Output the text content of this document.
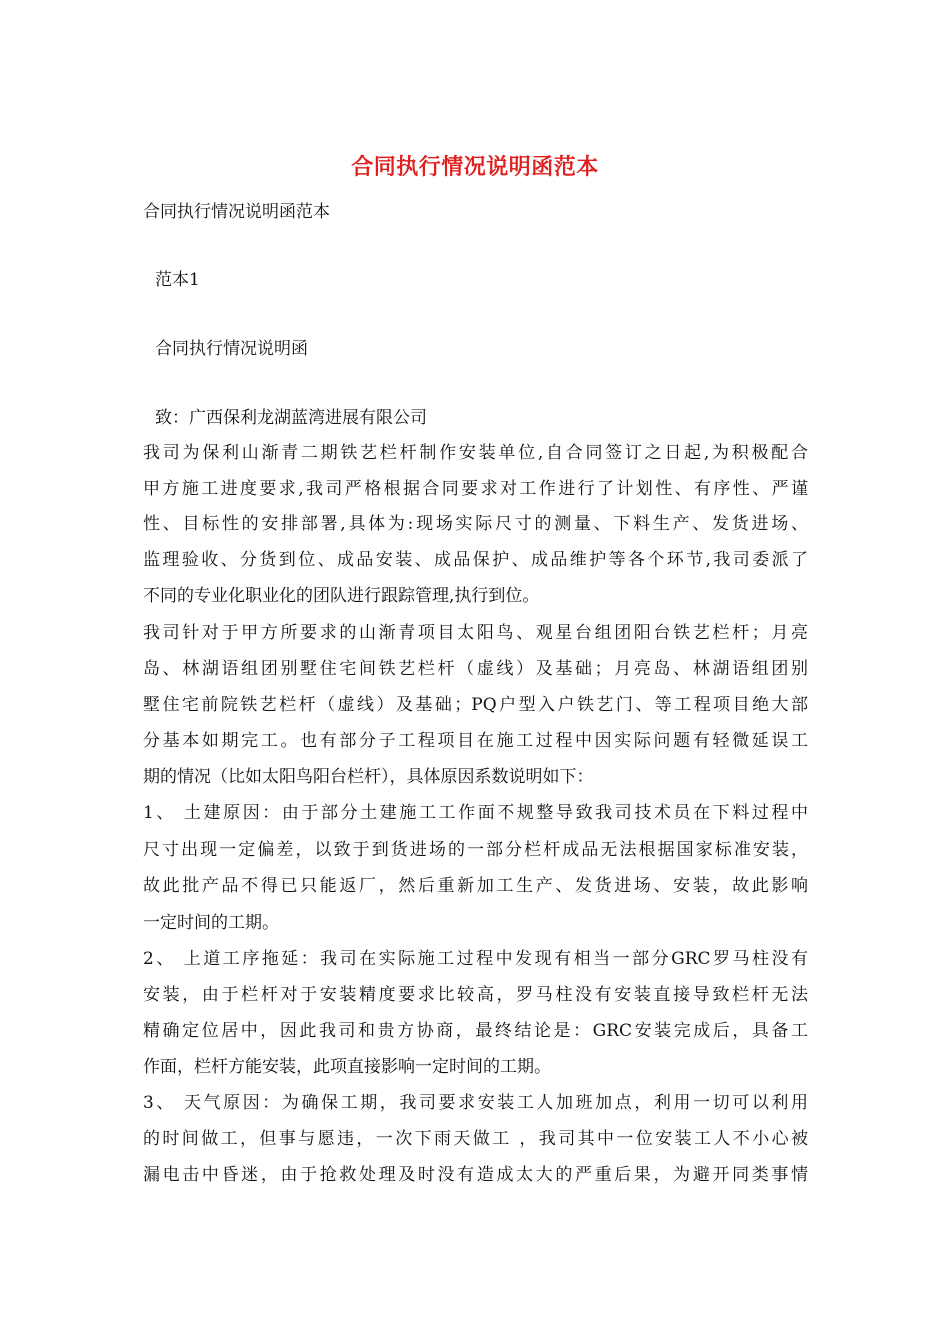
合同执行情况说明函范本
合同执行情况说明函范本
范本1
合同执行情况说明函
致：广西保利龙湖蓝湾进展有限公司
我司为保利山渐青二期铁艺栏杆制作安装单位,自合同签订之日起,为积极配合
甲方施工进度要求,我司严格根据合同要求对工作进行了计划性、有序性、严谨
性、目标性的安排部署,具体为:现场实际尺寸的测量、下料生产、发货进场、
监理验收、分货到位、成品安装、成品保护、成品维护等各个环节,我司委派了
不同的专业化职业化的团队进行跟踪管理,执行到位。
我司针对于甲方所要求的山渐青项目太阳鸟、观星台组团阳台铁艺栏杆；月亮
岛、林湖语组团别墅住宅间铁艺栏杆（虚线）及基础；月亮岛、林湖语组团别
墅住宅前院铁艺栏杆（虚线）及基础；PQ户型入户铁艺门、等工程项目绝大部
分基本如期完工。也有部分子工程项目在施工过程中因实际问题有轻微延误工
期的情况（比如太阳鸟阳台栏杆），具体原因系数说明如下：
1、 土建原因：由于部分土建施工工作面不规整导致我司技术员在下料过程中
尺寸出现一定偏差，以致于到货进场的一部分栏杆成品无法根据国家标准安装，
故此批产品不得已只能返厂，然后重新加工生产、发货进场、安装，故此影响
一定时间的工期。
2、 上道工序拖延：我司在实际施工过程中发现有相当一部分GRC罗马柱没有
安装，由于栏杆对于安装精度要求比较高，罗马柱没有安装直接导致栏杆无法
精确定位居中，因此我司和贵方协商，最终结论是：GRC安装完成后，具备工
作面，栏杆方能安装，此项直接影响一定时间的工期。
3、 天气原因：为确保工期，我司要求安装工人加班加点，利用一切可以利用
的时间做工，但事与愿违，一次下雨天做工 ，我司其中一位安装工人不小心被
漏电击中昏迷，由于抢救处理及时没有造成太大的严重后果，为避开同类事情
